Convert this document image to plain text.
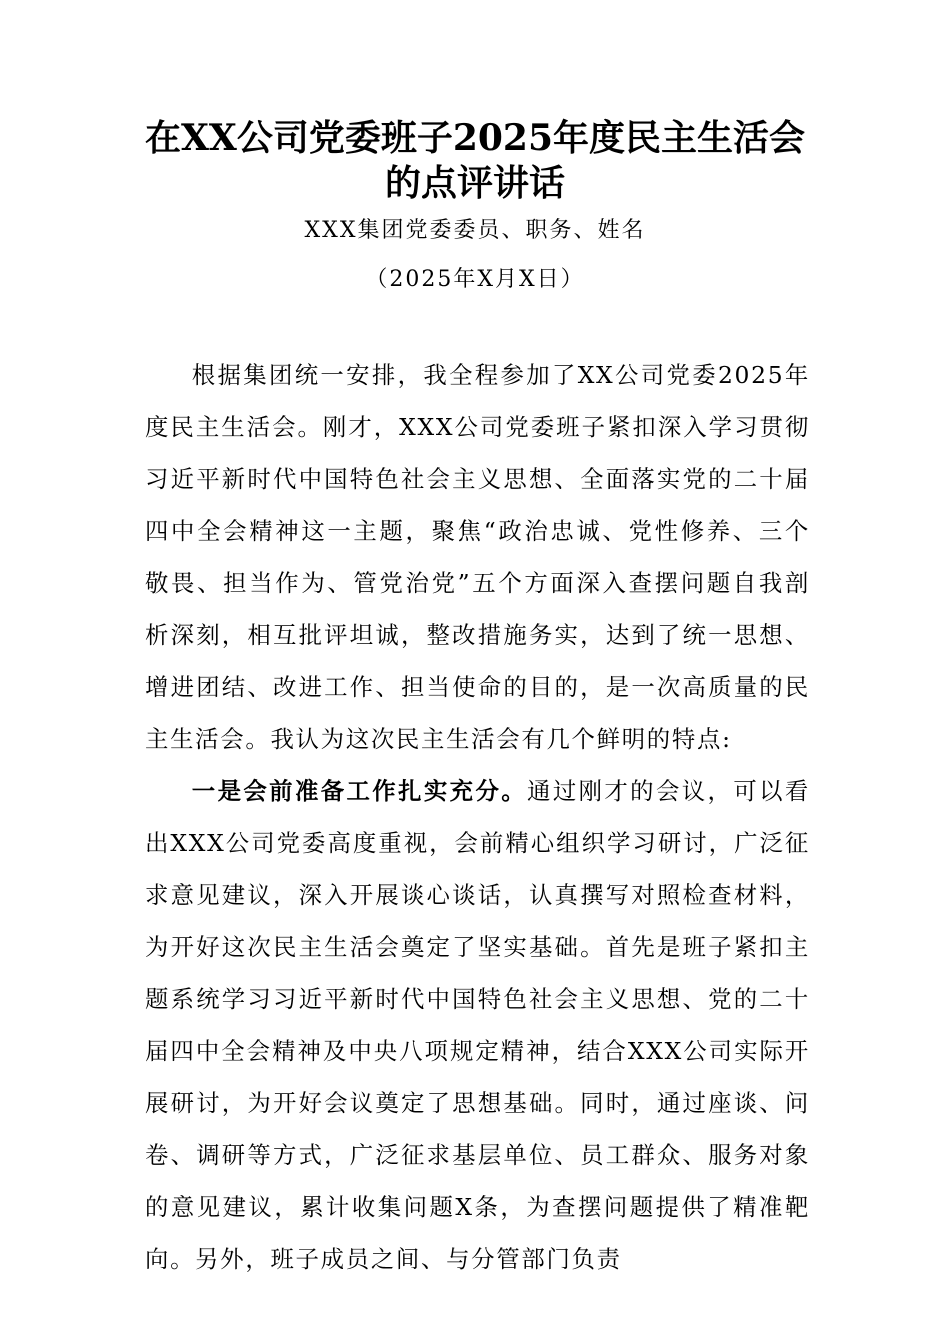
在XX公司党委班子2025年度民主生活会
的点评讲话
XXX集团党委委员、职务、姓名
（2025年X月X日）

根据集团统一安排，我全程参加了XX公司党委2025年度民主生活会。刚才，XXX公司党委班子紧扣深入学习贯彻习近平新时代中国特色社会主义思想、全面落实党的二十届四中全会精神这一主题，聚焦“政治忠诚、党性修养、三个敬畏、担当作为、管党治党”五个方面深入查摆问题自我剖析深刻，相互批评坦诚，整改措施务实，达到了统一思想、增进团结、改进工作、担当使命的目的，是一次高质量的民主生活会。我认为这次民主生活会有几个鲜明的特点:

一是会前准备工作扎实充分。通过刚才的会议，可以看出XXX公司党委高度重视，会前精心组织学习研讨，广泛征求意见建议，深入开展谈心谈话，认真撰写对照检查材料，为开好这次民主生活会奠定了坚实基础。首先是班子紧扣主题系统学习习近平新时代中国特色社会主义思想、党的二十届四中全会精神及中央八项规定精神，结合XXX公司实际开展研讨，为开好会议奠定了思想基础。同时，通过座谈、问卷、调研等方式，广泛征求基层单位、员工群众、服务对象的意见建议，累计收集问题X条，为查摆问题提供了精准靶向。另外，班子成员之间、与分管部门负责
